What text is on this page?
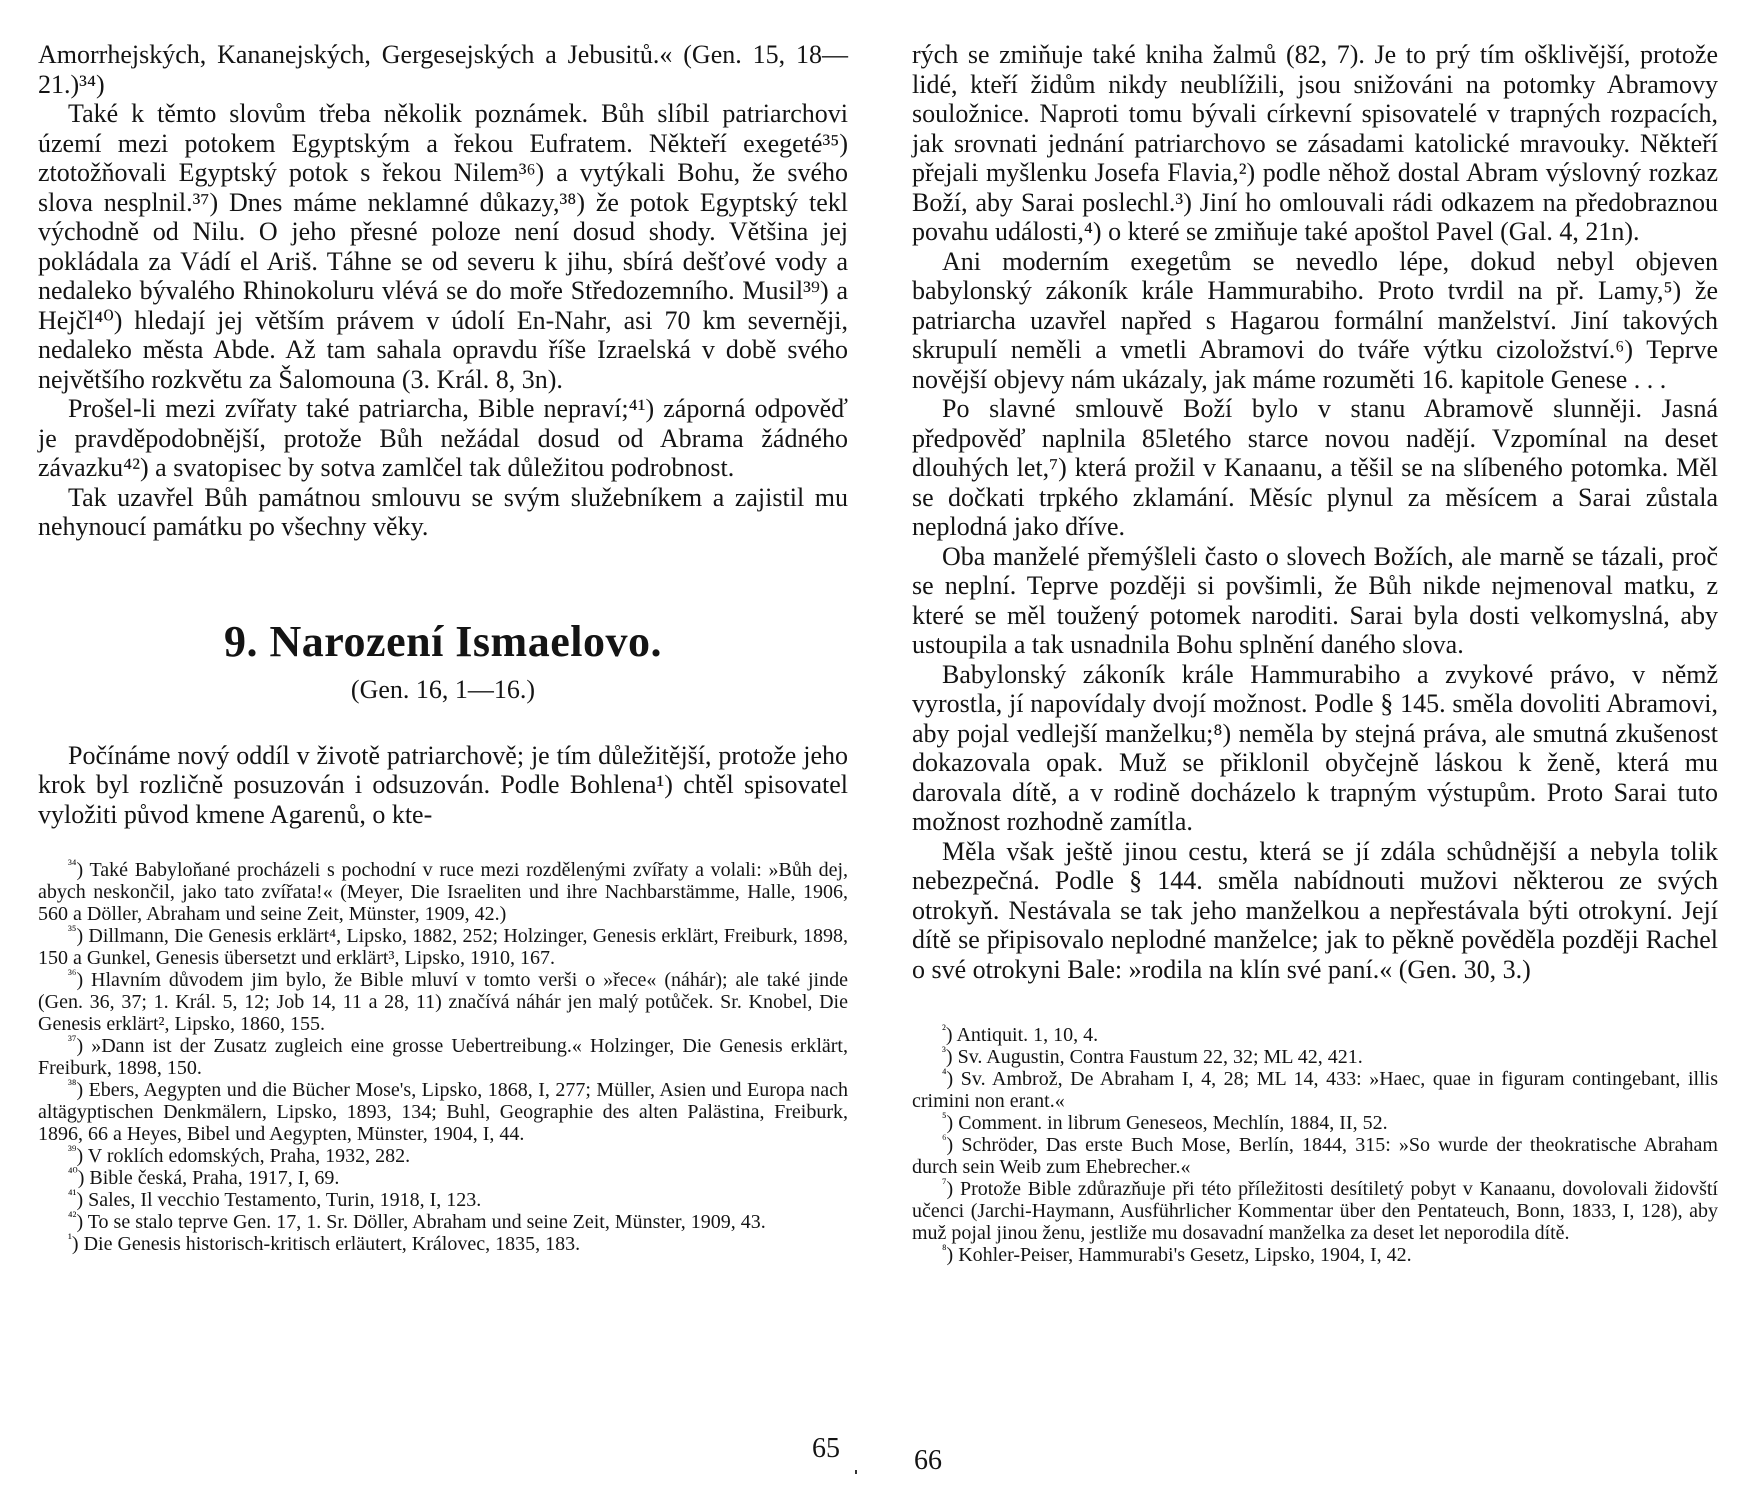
Amorrhejských, Kananejských, Gergesejských a Jebusitů.« (Gen. 15, 18—21.)³⁴)

Také k těmto slovům třeba několik poznámek. Bůh slíbil patriarchovi území mezi potokem Egyptským a řekou Eufratem. Někteří exegeté³⁵) ztotožňovali Egyptský potok s řekou Nilem³⁶) a vytýkali Bohu, že svého slova nesplnil.³⁷) Dnes máme neklamné důkazy,³⁸) že potok Egyptský tekl východně od Nilu. O jeho přesné poloze není dosud shody. Většina jej pokládala za Vádí el Ariš. Táhne se od severu k jihu, sbírá dešťové vody a nedaleko bývalého Rhinokoluru vlévá se do moře Středozemního. Musil³⁹) a Hejčl⁴⁰) hledají jej větším právem v údolí En-Nahr, asi 70 km severněji, nedaleko města Abde. Až tam sahala opravdu říše Izraelská v době svého největšího rozkvětu za Šalomouna (3. Král. 8, 3n).

Prošel-li mezi zvířaty také patriarcha, Bible nepraví;⁴¹) záporná odpověď je pravděpodobnější, protože Bůh nežádal dosud od Abrama žádného závazku⁴²) a svatopisec by sotva zamlčel tak důležitou podrobnost.

Tak uzavřel Bůh památnou smlouvu se svým služebníkem a zajistil mu nehynoucí památku po všechny věky.

9. Narození Ismaelovo.
(Gen. 16, 1—16.)

Počínáme nový oddíl v životě patriarchově; je tím důležitější, protože jeho krok byl rozličně posuzován i odsuzován. Podle Bohlena¹) chtěl spisovatel vyložiti původ kmene Agarenů, o kte-

$^{^{34}}$) Také Babyloňané procházeli s pochodní v ruce mezi rozdělenými zvířaty a volali: »Bůh dej, abych neskončil, jako tato zvířata!« (Meyer, Die Israeliten und ihre Nachbarstämme, Halle, 1906, 560 a Döller, Abraham und seine Zeit, Münster, 1909, 42.)

$^{^{35}}$) Dillmann, Die Genesis erklärt⁴, Lipsko, 1882, 252; Holzinger, Genesis erklärt, Freiburk, 1898, 150 a Gunkel, Genesis übersetzt und erklärt³, Lipsko, 1910, 167.

$^{^{36}}$) Hlavním důvodem jim bylo, že Bible mluví v tomto verši o »řece« (náhár); ale také jinde (Gen. 36, 37; 1. Král. 5, 12; Job 14, 11 a 28, 11) značívá náhár jen malý potůček. Sr. Knobel, Die Genesis erklärt², Lipsko, 1860, 155.

$^{^{37}}$) »Dann ist der Zusatz zugleich eine grosse Uebertreibung.« Holzinger, Die Genesis erklärt, Freiburk, 1898, 150.

$^{^{38}}$) Ebers, Aegypten und die Bücher Mose's, Lipsko, 1868, I, 277; Müller, Asien und Europa nach altägyptischen Denkmälern, Lipsko, 1893, 134; Buhl, Geographie des alten Palästina, Freiburk, 1896, 66 a Heyes, Bibel und Aegypten, Münster, 1904, I, 44.

$^{^{39}}$) V roklích edomských, Praha, 1932, 282.

$^{^{40}}$) Bible česká, Praha, 1917, I, 69.

$^{^{41}}$) Sales, Il vecchio Testamento, Turin, 1918, I, 123.

$^{^{42}}$) To se stalo teprve Gen. 17, 1. Sr. Döller, Abraham und seine Zeit, Münster, 1909, 43.

$^{^1}$) Die Genesis historisch-kritisch erläutert, Královec, 1835, 183.

rých se zmiňuje také kniha žalmů (82, 7). Je to prý tím ošklivější, protože lidé, kteří židům nikdy neublížili, jsou snižováni na potomky Abramovy souložnice. Naproti tomu bývali církevní spisovatelé v trapných rozpacích, jak srovnati jednání patriarchovo se zásadami katolické mravouky. Někteří přejali myšlenku Josefa Flavia,²) podle něhož dostal Abram výslovný rozkaz Boží, aby Sarai poslechl.³) Jiní ho omlouvali rádi odkazem na předobraznou povahu události,⁴) o které se zmiňuje také apoštol Pavel (Gal. 4, 21n).

Ani moderním exegetům se nevedlo lépe, dokud nebyl objeven babylonský zákoník krále Hammurabiho. Proto tvrdil na př. Lamy,⁵) že patriarcha uzavřel napřed s Hagarou formální manželství. Jiní takových skrupulí neměli a vmetli Abramovi do tváře výtku cizoložství.⁶) Teprve novější objevy nám ukázaly, jak máme rozuměti 16. kapitole Genese . . .

Po slavné smlouvě Boží bylo v stanu Abramově slunněji. Jasná předpověď naplnila 85letého starce novou nadějí. Vzpomínal na deset dlouhých let,⁷) která prožil v Kanaanu, a těšil se na slíbeného potomka. Měl se dočkati trpkého zklamání. Měsíc plynul za měsícem a Sarai zůstala neplodná jako dříve.

Oba manželé přemýšleli často o slovech Božích, ale marně se tázali, proč se neplní. Teprve později si povšimli, že Bůh nikde nejmenoval matku, z které se měl toužený potomek naroditi. Sarai byla dosti velkomyslná, aby ustoupila a tak usnadnila Bohu splnění daného slova.

Babylonský zákoník krále Hammurabiho a zvykové právo, v němž vyrostla, jí napovídaly dvojí možnost. Podle § 145. směla dovoliti Abramovi, aby pojal vedlejší manželku;⁸) neměla by stejná práva, ale smutná zkušenost dokazovala opak. Muž se přiklonil obyčejně láskou k ženě, která mu darovala dítě, a v rodině docházelo k trapným výstupům. Proto Sarai tuto možnost rozhodně zamítla.

Měla však ještě jinou cestu, která se jí zdála schůdnější a nebyla tolik nebezpečná. Podle § 144. směla nabídnouti mužovi některou ze svých otrokyň. Nestávala se tak jeho manželkou a nepřestávala býti otrokyní. Její dítě se připisovalo neplodné manželce; jak to pěkně pověděla později Rachel o své otrokyni Bale: »rodila na klín své paní.« (Gen. 30, 3.)

$^{^2}$) Antiquit. 1, 10, 4.

$^{^3}$) Sv. Augustin, Contra Faustum 22, 32; ML 42, 421.

$^{^4}$) Sv. Ambrož, De Abraham I, 4, 28; ML 14, 433: »Haec, quae in figuram contingebant, illis crimini non erant.«

$^{^5}$) Comment. in librum Geneseos, Mechlín, 1884, II, 52.

$^{^6}$) Schröder, Das erste Buch Mose, Berlín, 1844, 315: »So wurde der theokratische Abraham durch sein Weib zum Ehebrecher.«

$^{^7}$) Protože Bible zdůrazňuje při této příležitosti desítiletý pobyt v Kanaanu, dovolovali židovští učenci (Jarchi-Haymann, Ausführlicher Kommentar über den Pentateuch, Bonn, 1833, I, 128), aby muž pojal jinou ženu, jestliže mu dosavadní manželka za deset let neporodila dítě.

$^{^8}$) Kohler-Peiser, Hammurabi's Gesetz, Lipsko, 1904, I, 42.

65	66
